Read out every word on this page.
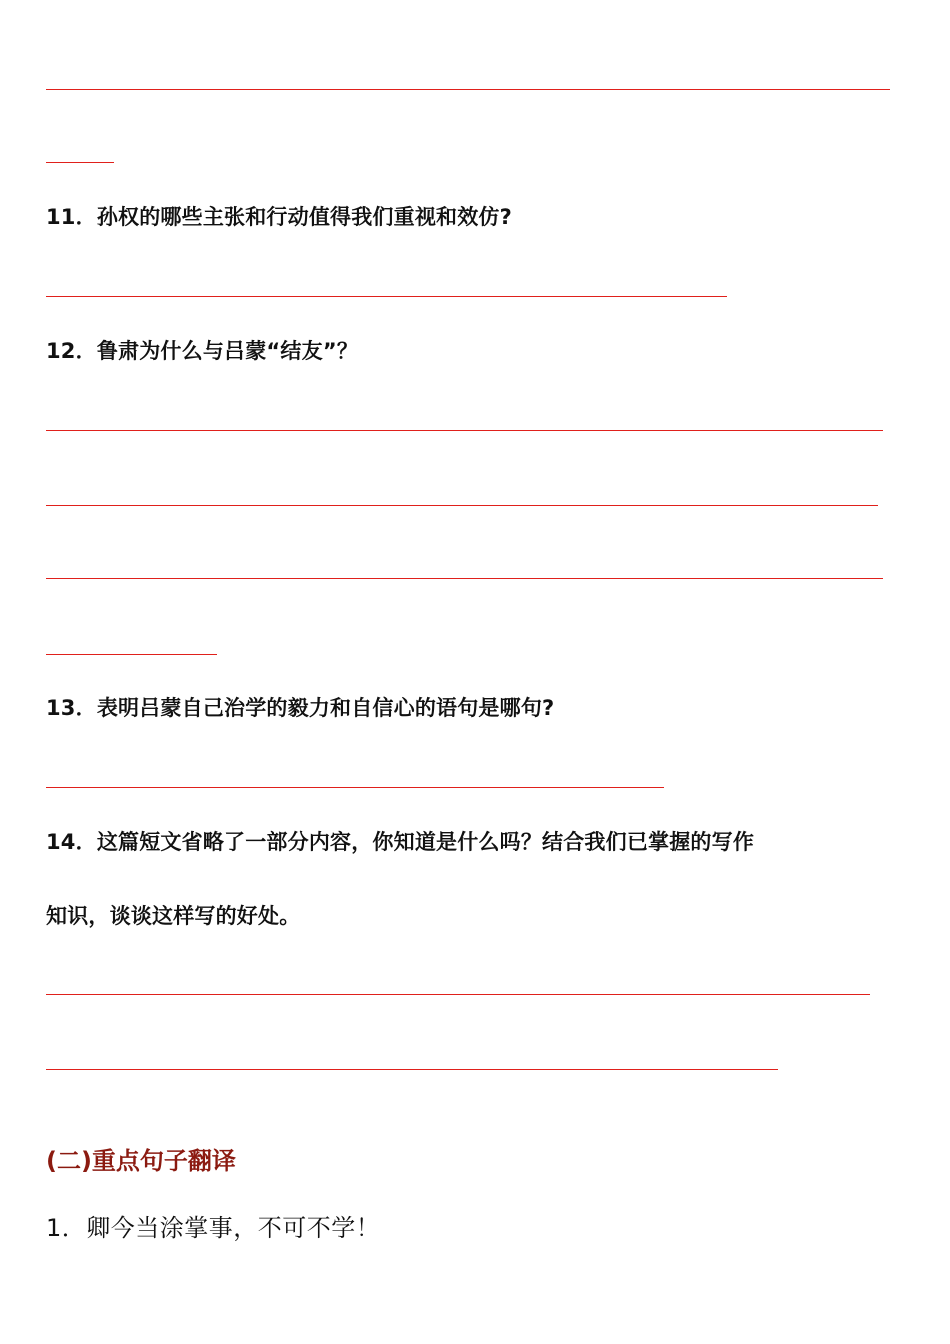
11．孙权的哪些主张和行动值得我们重视和效仿?
12．鲁肃为什么与吕蒙“结友”？
13．表明吕蒙自己治学的毅力和自信心的语句是哪句?
14．这篇短文省略了一部分内容，你知道是什么吗？结合我们已掌握的写作
知识，谈谈这样写的好处。
(二)重点句子翻译
1．卿今当涂掌事，不可不学！
